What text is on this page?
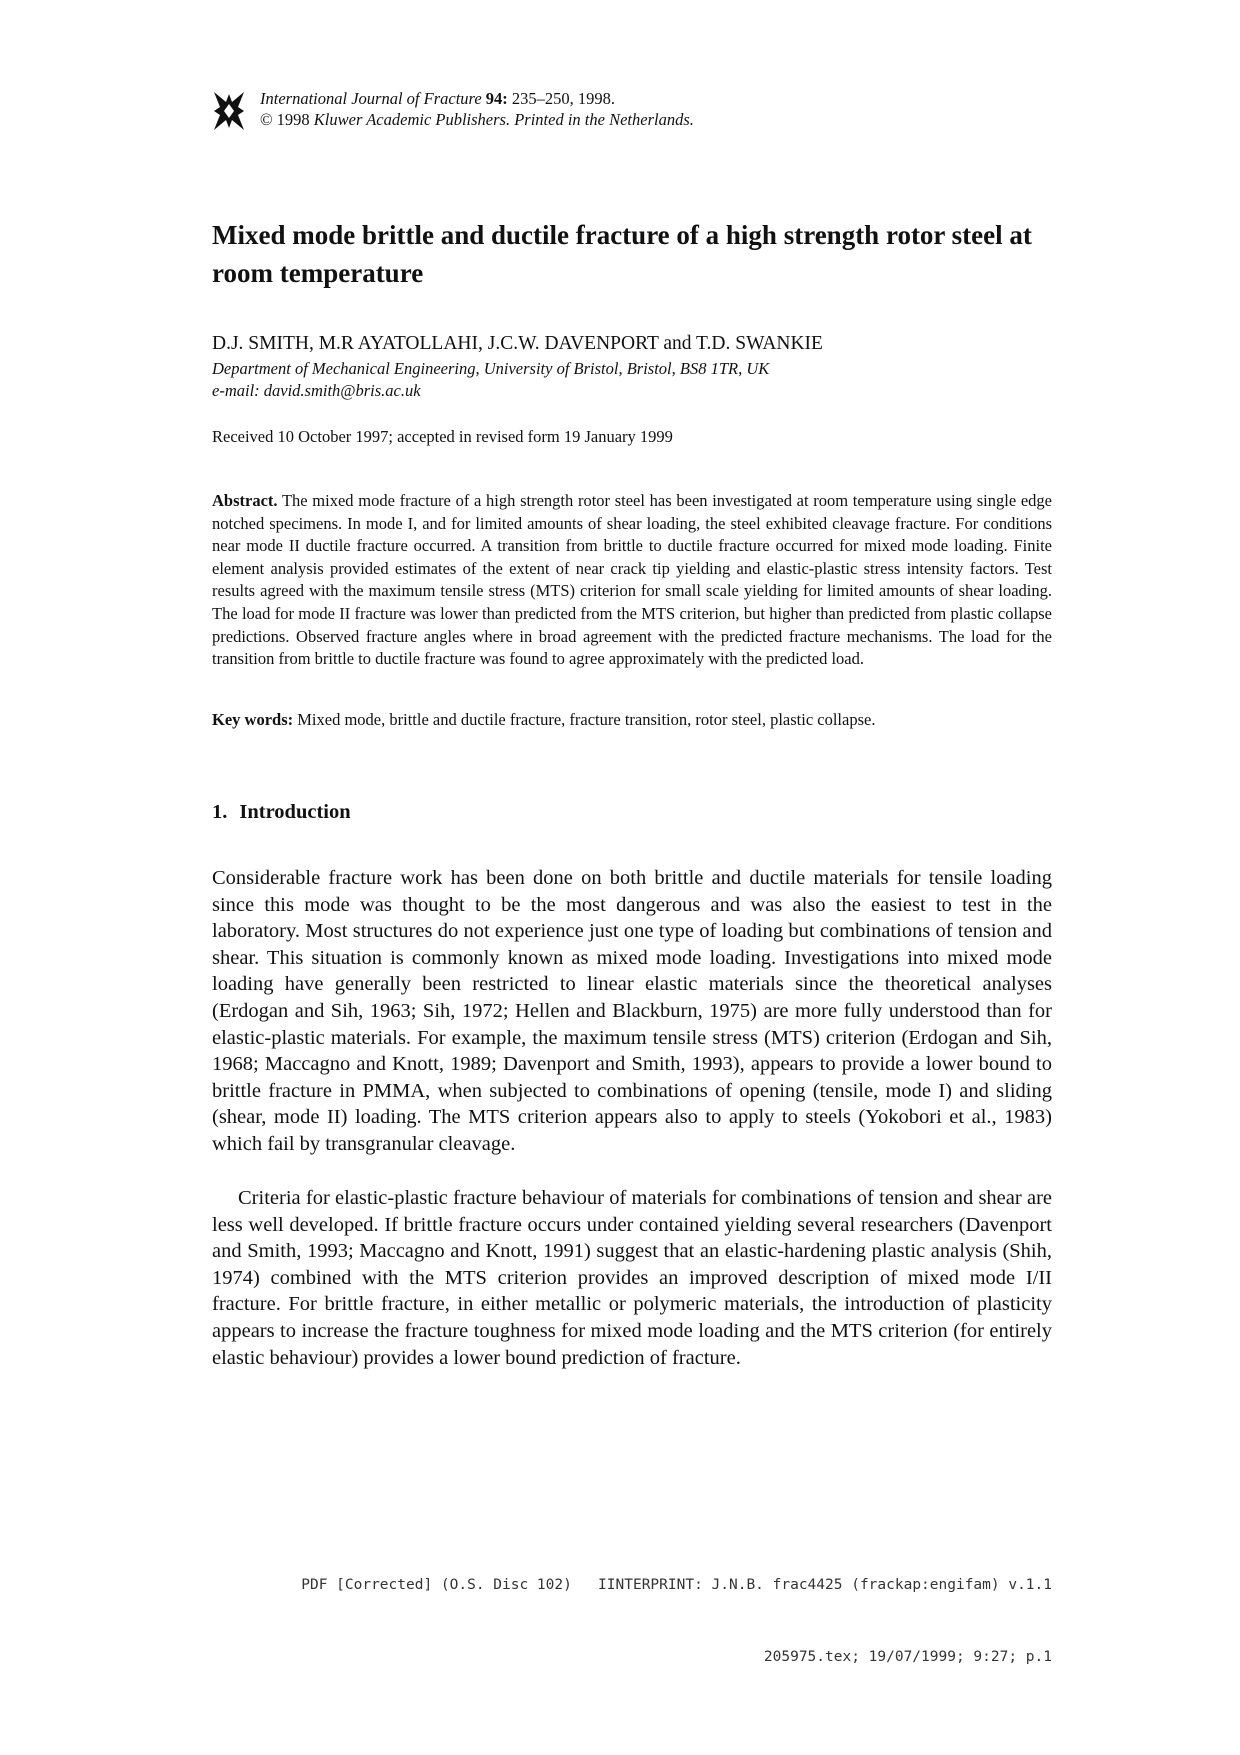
International Journal of Fracture 94: 235–250, 1998.
© 1998 Kluwer Academic Publishers. Printed in the Netherlands.
Mixed mode brittle and ductile fracture of a high strength rotor steel at room temperature
D.J. SMITH, M.R AYATOLLAHI, J.C.W. DAVENPORT and T.D. SWANKIE
Department of Mechanical Engineering, University of Bristol, Bristol, BS8 1TR, UK
e-mail: david.smith@bris.ac.uk
Received 10 October 1997; accepted in revised form 19 January 1999

Abstract. The mixed mode fracture of a high strength rotor steel has been investigated at room temperature using single edge notched specimens. In mode I, and for limited amounts of shear loading, the steel exhibited cleavage fracture. For conditions near mode II ductile fracture occurred. A transition from brittle to ductile fracture occurred for mixed mode loading. Finite element analysis provided estimates of the extent of near crack tip yielding and elastic-plastic stress intensity factors. Test results agreed with the maximum tensile stress (MTS) criterion for small scale yielding for limited amounts of shear loading. The load for mode II fracture was lower than predicted from the MTS criterion, but higher than predicted from plastic collapse predictions. Observed fracture angles where in broad agreement with the predicted fracture mechanisms. The load for the transition from brittle to ductile fracture was found to agree approximately with the predicted load.

Key words: Mixed mode, brittle and ductile fracture, fracture transition, rotor steel, plastic collapse.
1. Introduction

Considerable fracture work has been done on both brittle and ductile materials for tensile loading since this mode was thought to be the most dangerous and was also the easiest to test in the laboratory. Most structures do not experience just one type of loading but combinations of tension and shear. This situation is commonly known as mixed mode loading. Investigations into mixed mode loading have generally been restricted to linear elastic materials since the theoretical analyses (Erdogan and Sih, 1963; Sih, 1972; Hellen and Blackburn, 1975) are more fully understood than for elastic-plastic materials. For example, the maximum tensile stress (MTS) criterion (Erdogan and Sih, 1968; Maccagno and Knott, 1989; Davenport and Smith, 1993), appears to provide a lower bound to brittle fracture in PMMA, when subjected to combinations of opening (tensile, mode I) and sliding (shear, mode II) loading. The MTS criterion appears also to apply to steels (Yokobori et al., 1983) which fail by transgranular cleavage.

Criteria for elastic-plastic fracture behaviour of materials for combinations of tension and shear are less well developed. If brittle fracture occurs under contained yielding several researchers (Davenport and Smith, 1993; Maccagno and Knott, 1991) suggest that an elastic-hardening plastic analysis (Shih, 1974) combined with the MTS criterion provides an improved description of mixed mode I/II fracture. For brittle fracture, in either metallic or polymeric materials, the introduction of plasticity appears to increase the fracture toughness for mixed mode loading and the MTS criterion (for entirely elastic behaviour) provides a lower bound prediction of fracture.

PDF [Corrected] (O.S. Disc 102)   IINTERPRINT: J.N.B. frac4425 (frackap:engifam) v.1.1

205975.tex; 19/07/1999; 9:27; p.1
